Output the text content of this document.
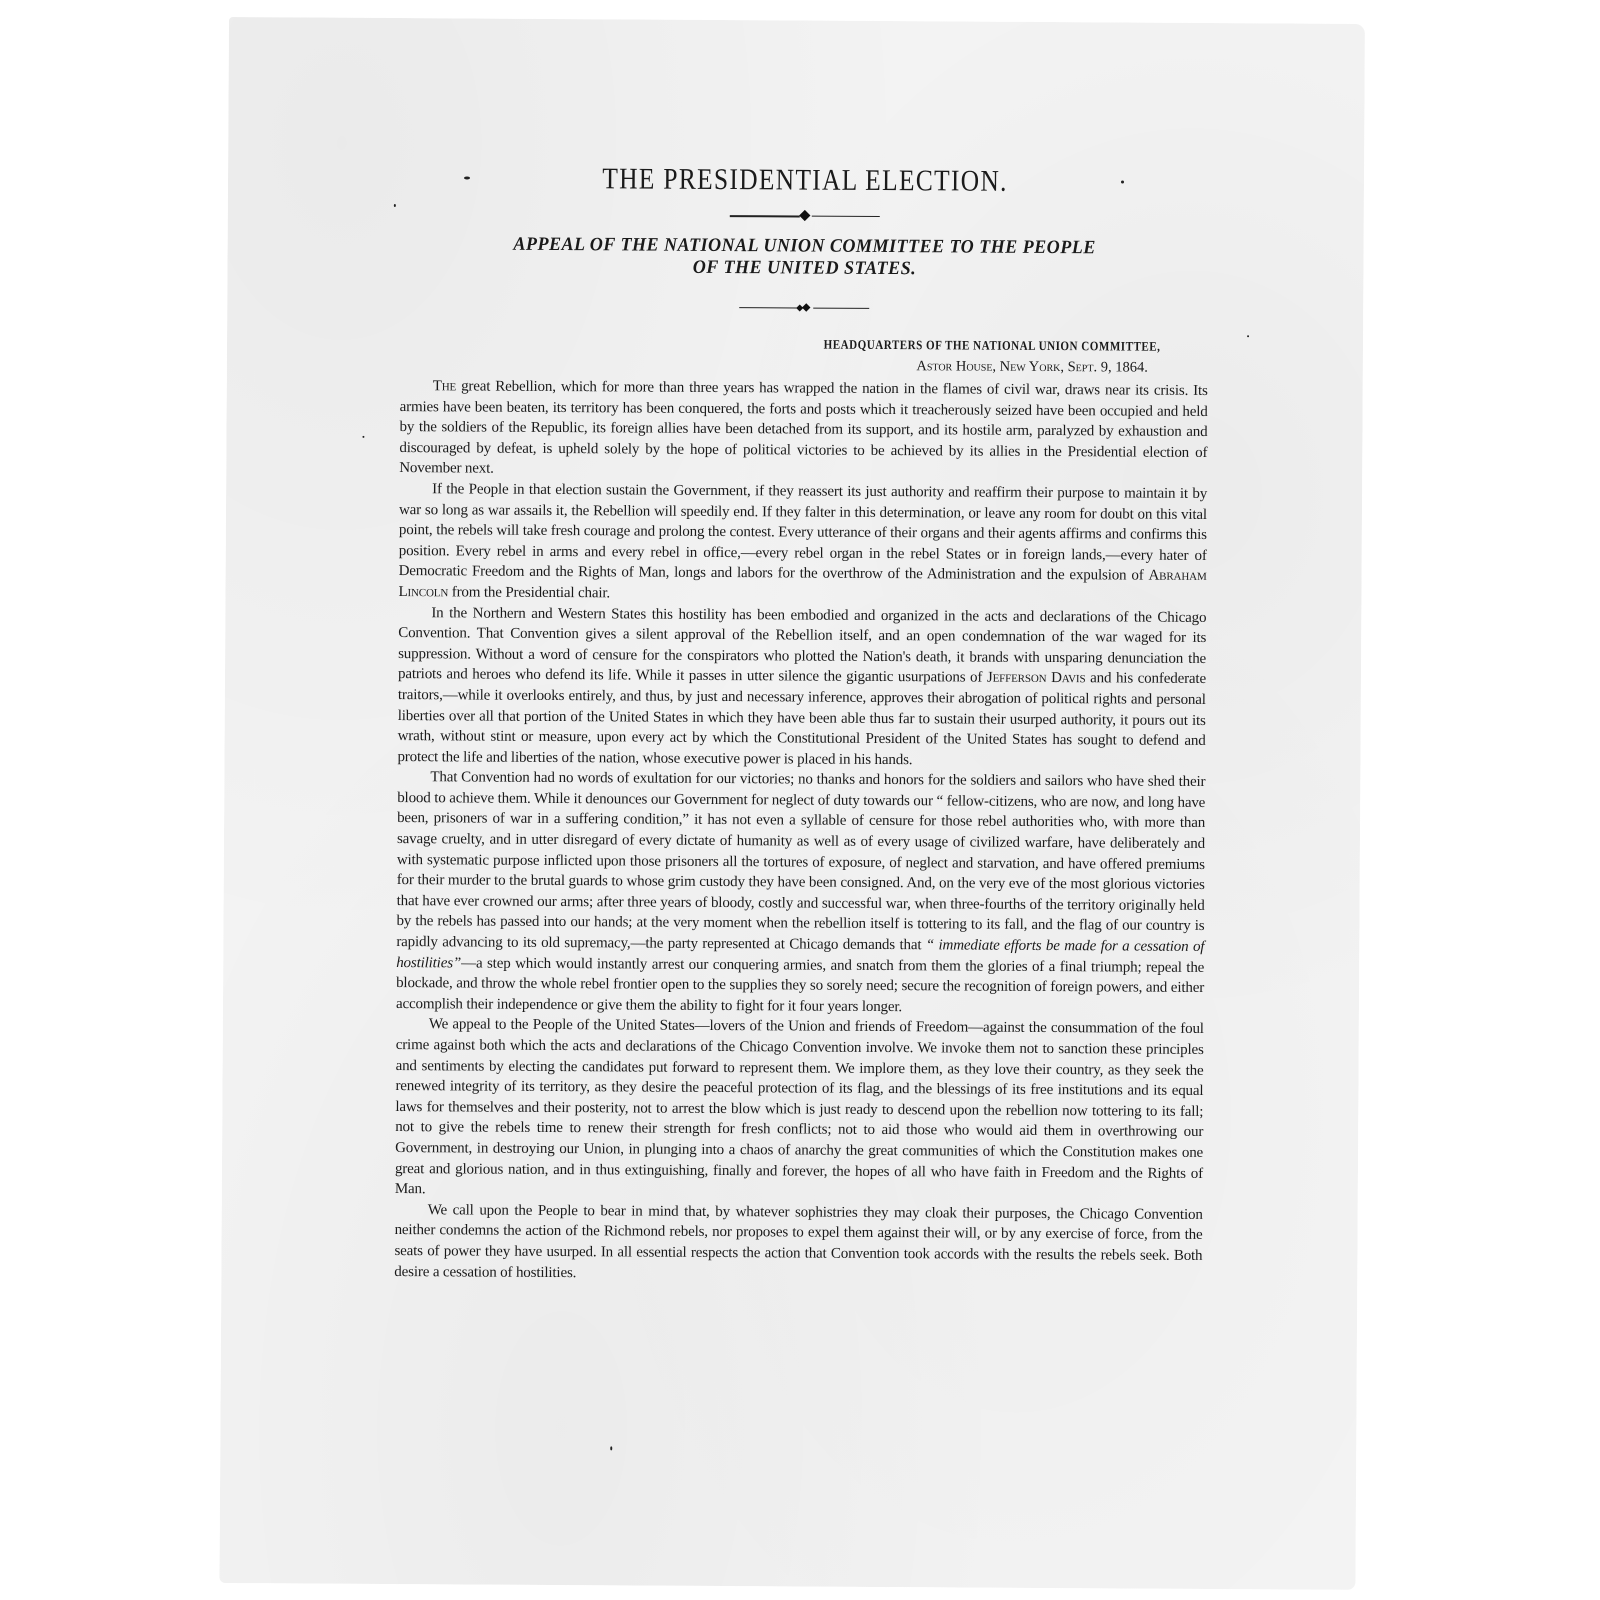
THE PRESIDENTIAL ELECTION.
APPEAL OF THE NATIONAL UNION COMMITTEE TO THE PEOPLE
OF THE UNITED STATES.
HEADQUARTERS OF THE NATIONAL UNION COMMITTEE,
Astor House, New York, Sept. 9, 1864.

The great Rebellion, which for more than three years has wrapped the nation in the flames of civil war, draws near its crisis. Its armies have been beaten, its territory has been conquered, the forts and posts which it treacherously seized have been occupied and held by the soldiers of the Republic, its foreign allies have been detached from its support, and its hostile arm, paralyzed by exhaustion and discouraged by defeat, is upheld solely by the hope of political victories to be achieved by its allies in the Presidential election of November next.

If the People in that election sustain the Government, if they reassert its just authority and reaffirm their purpose to maintain it by war so long as war assails it, the Rebellion will speedily end. If they falter in this determination, or leave any room for doubt on this vital point, the rebels will take fresh courage and prolong the contest. Every utterance of their organs and their agents affirms and confirms this position. Every rebel in arms and every rebel in office,—every rebel organ in the rebel States or in foreign lands,—every hater of Democratic Freedom and the Rights of Man, longs and labors for the overthrow of the Administration and the expulsion of Abraham Lincoln from the Presidential chair.

In the Northern and Western States this hostility has been embodied and organized in the acts and declarations of the Chicago Convention. That Convention gives a silent approval of the Rebellion itself, and an open condemnation of the war waged for its suppression. Without a word of censure for the conspirators who plotted the Nation's death, it brands with unsparing denunciation the patriots and heroes who defend its life. While it passes in utter silence the gigantic usurpations of Jefferson Davis and his confederate traitors,—while it overlooks entirely, and thus, by just and necessary inference, approves their abrogation of political rights and personal liberties over all that portion of the United States in which they have been able thus far to sustain their usurped authority, it pours out its wrath, without stint or measure, upon every act by which the Constitutional President of the United States has sought to defend and protect the life and liberties of the nation, whose executive power is placed in his hands.

That Convention had no words of exultation for our victories; no thanks and honors for the soldiers and sailors who have shed their blood to achieve them. While it denounces our Government for neglect of duty towards our “ fellow-citizens, who are now, and long have been, prisoners of war in a suffering condition,” it has not even a syllable of censure for those rebel authorities who, with more than savage cruelty, and in utter disregard of every dictate of humanity as well as of every usage of civilized warfare, have deliberately and with systematic purpose inflicted upon those prisoners all the tortures of exposure, of neglect and starvation, and have offered premiums for their murder to the brutal guards to whose grim custody they have been consigned. And, on the very eve of the most glorious victories that have ever crowned our arms; after three years of bloody, costly and successful war, when three-fourths of the territory originally held by the rebels has passed into our hands; at the very moment when the rebellion itself is tottering to its fall, and the flag of our country is rapidly advancing to its old supremacy,—the party represented at Chicago demands that “ immediate efforts be made for a cessation of hostilities”—a step which would instantly arrest our conquering armies, and snatch from them the glories of a final triumph; repeal the blockade, and throw the whole rebel frontier open to the supplies they so sorely need; secure the recognition of foreign powers, and either accomplish their independence or give them the ability to fight for it four years longer.

We appeal to the People of the United States—lovers of the Union and friends of Freedom—against the consummation of the foul crime against both which the acts and declarations of the Chicago Convention involve. We invoke them not to sanction these principles and sentiments by electing the candidates put forward to represent them. We implore them, as they love their country, as they seek the renewed integrity of its territory, as they desire the peaceful protection of its flag, and the blessings of its free institutions and its equal laws for themselves and their posterity, not to arrest the blow which is just ready to descend upon the rebellion now tottering to its fall; not to give the rebels time to renew their strength for fresh conflicts; not to aid those who would aid them in overthrowing our Government, in destroying our Union, in plunging into a chaos of anarchy the great communities of which the Constitution makes one great and glorious nation, and in thus extinguishing, finally and forever, the hopes of all who have faith in Freedom and the Rights of Man.

We call upon the People to bear in mind that, by whatever sophistries they may cloak their purposes, the Chicago Convention neither condemns the action of the Richmond rebels, nor proposes to expel them against their will, or by any exercise of force, from the seats of power they have usurped. In all essential respects the action that Convention took accords with the results the rebels seek. Both desire a cessation of hostilities.
